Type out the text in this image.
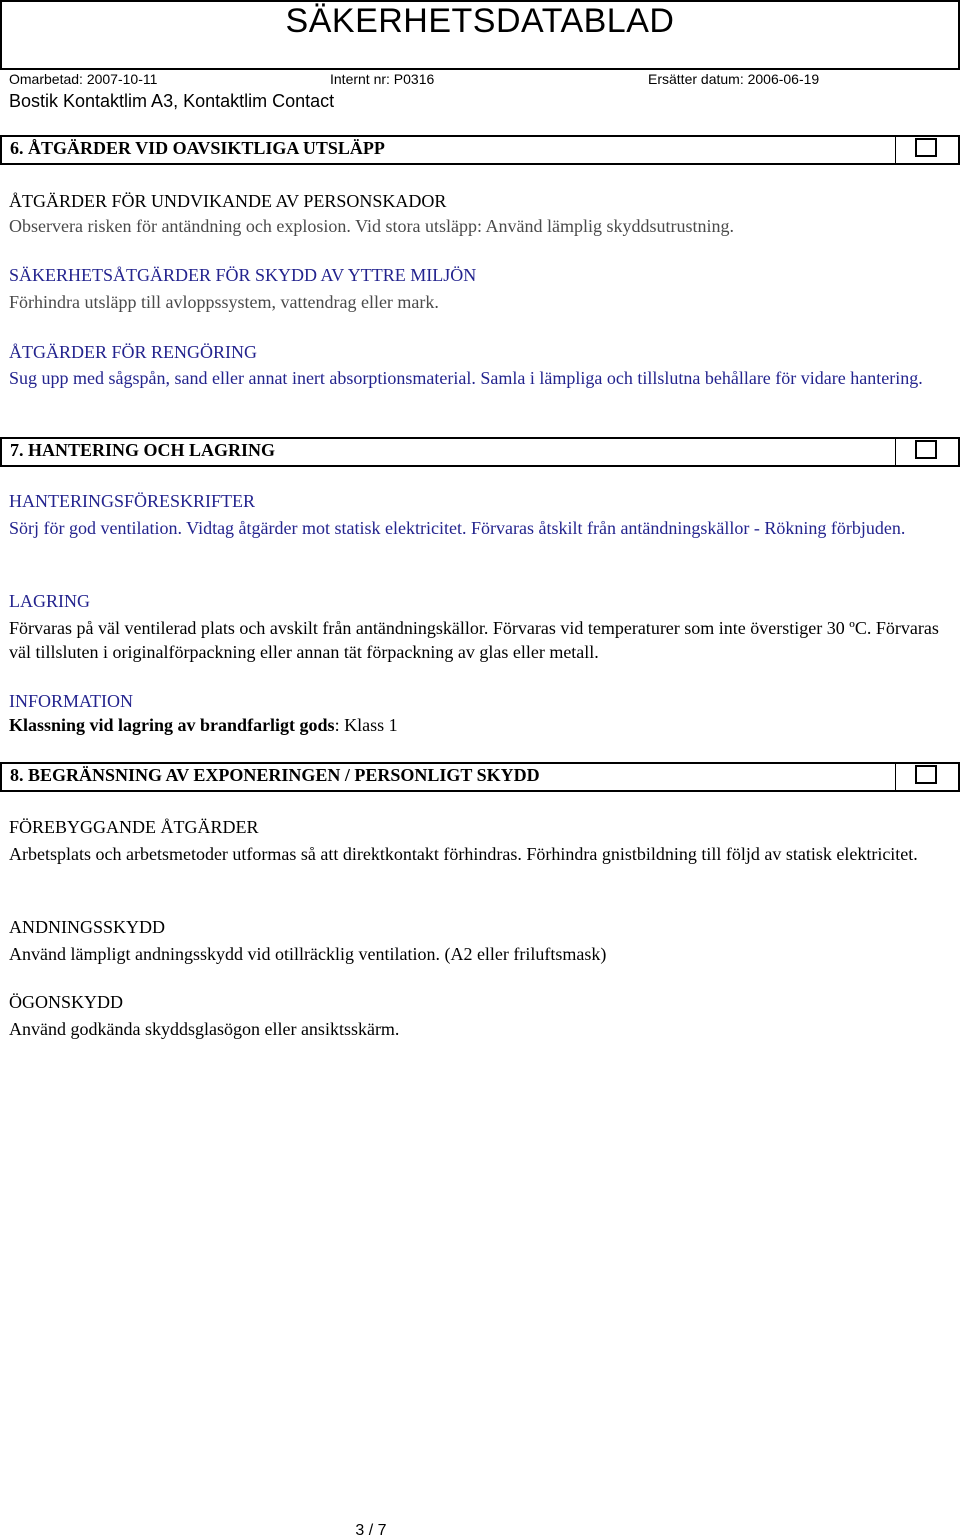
SÄKERHETSDATABLAD
Omarbetad: 2007-10-11	Internt nr: P0316	Ersätter datum: 2006-06-19
Bostik Kontaktlim A3, Kontaktlim Contact
6. ÅTGÄRDER VID OAVSIKTLIGA UTSLÄPP
ÅTGÄRDER FÖR UNDVIKANDE AV PERSONSKADOR
Observera risken för antändning och explosion. Vid stora utsläpp: Använd lämplig skyddsutrustning.
SÄKERHETSÅTGÄRDER FÖR SKYDD AV YTTRE MILJÖN
Förhindra utsläpp till avloppssystem, vattendrag eller mark.
ÅTGÄRDER FÖR RENGÖRING
Sug upp med sågspån, sand eller annat inert absorptionsmaterial. Samla i lämpliga och tillslutna behållare för vidare hantering.
7. HANTERING OCH LAGRING
HANTERINGSFÖRESKRIFTER
Sörj för god ventilation. Vidtag åtgärder mot statisk elektricitet. Förvaras åtskilt från antändningskällor - Rökning förbjuden.
LAGRING
Förvaras på väl ventilerad plats och avskilt från antändningskällor. Förvaras vid temperaturer som inte överstiger 30 ºC. Förvaras väl tillsluten i originalförpackning eller annan tät förpackning av glas eller metall.
INFORMATION
Klassning vid lagring av brandfarligt gods: Klass 1
8. BEGRÄNSNING AV EXPONERINGEN / PERSONLIGT SKYDD
FÖREBYGGANDE ÅTGÄRDER
Arbetsplats och arbetsmetoder utformas så att direktkontakt förhindras. Förhindra gnistbildning till följd av statisk elektricitet.
ANDNINGSSKYDD
Använd lämpligt andningsskydd vid otillräcklig ventilation. (A2 eller friluftsmask)
ÖGONSKYDD
Använd godkända skyddsglasögon eller ansiktsskärm.
3 / 7
